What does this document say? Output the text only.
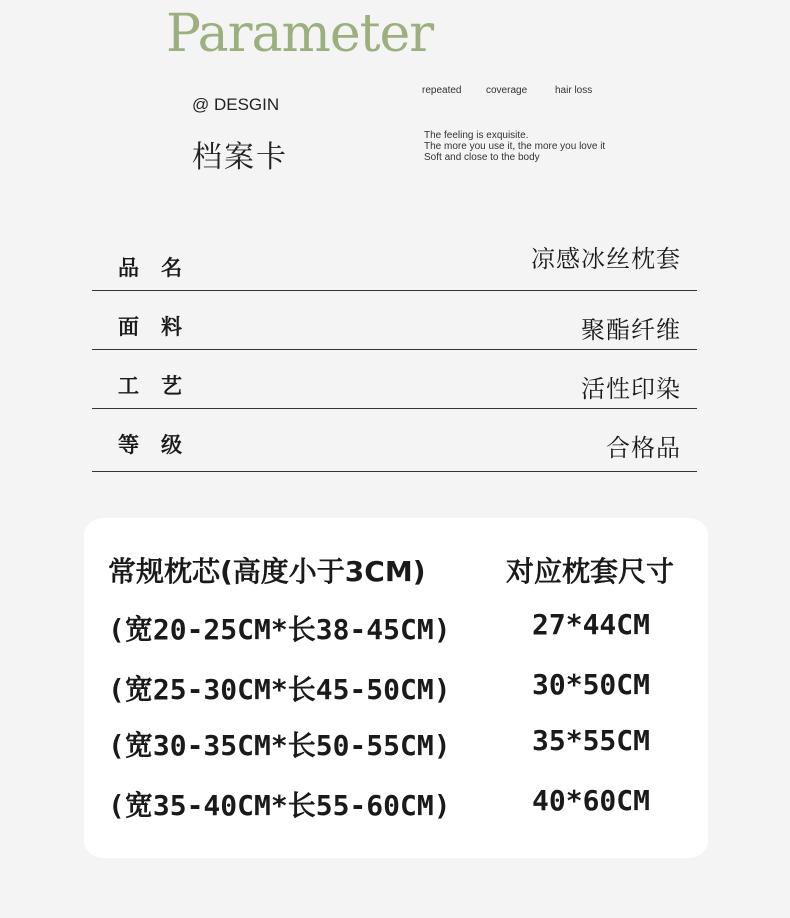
Parameter
@ DESGIN
档案卡
repeated coverage	hair loss
The feeling is exquisite.
The more you use it, the more you love it
Soft and close to the body
品名	凉感冰丝枕套
面料	聚酯纤维
工艺	活性印染
等级	合格品
常规枕芯(高度小于3CM)	对应枕套尺寸
(宽20-25CM*长38-45CM)	27*44CM
(宽25-30CM*长45-50CM)	30*50CM
(宽30-35CM*长50-55CM)	35*55CM
(宽35-40CM*长55-60CM)	40*60CM
